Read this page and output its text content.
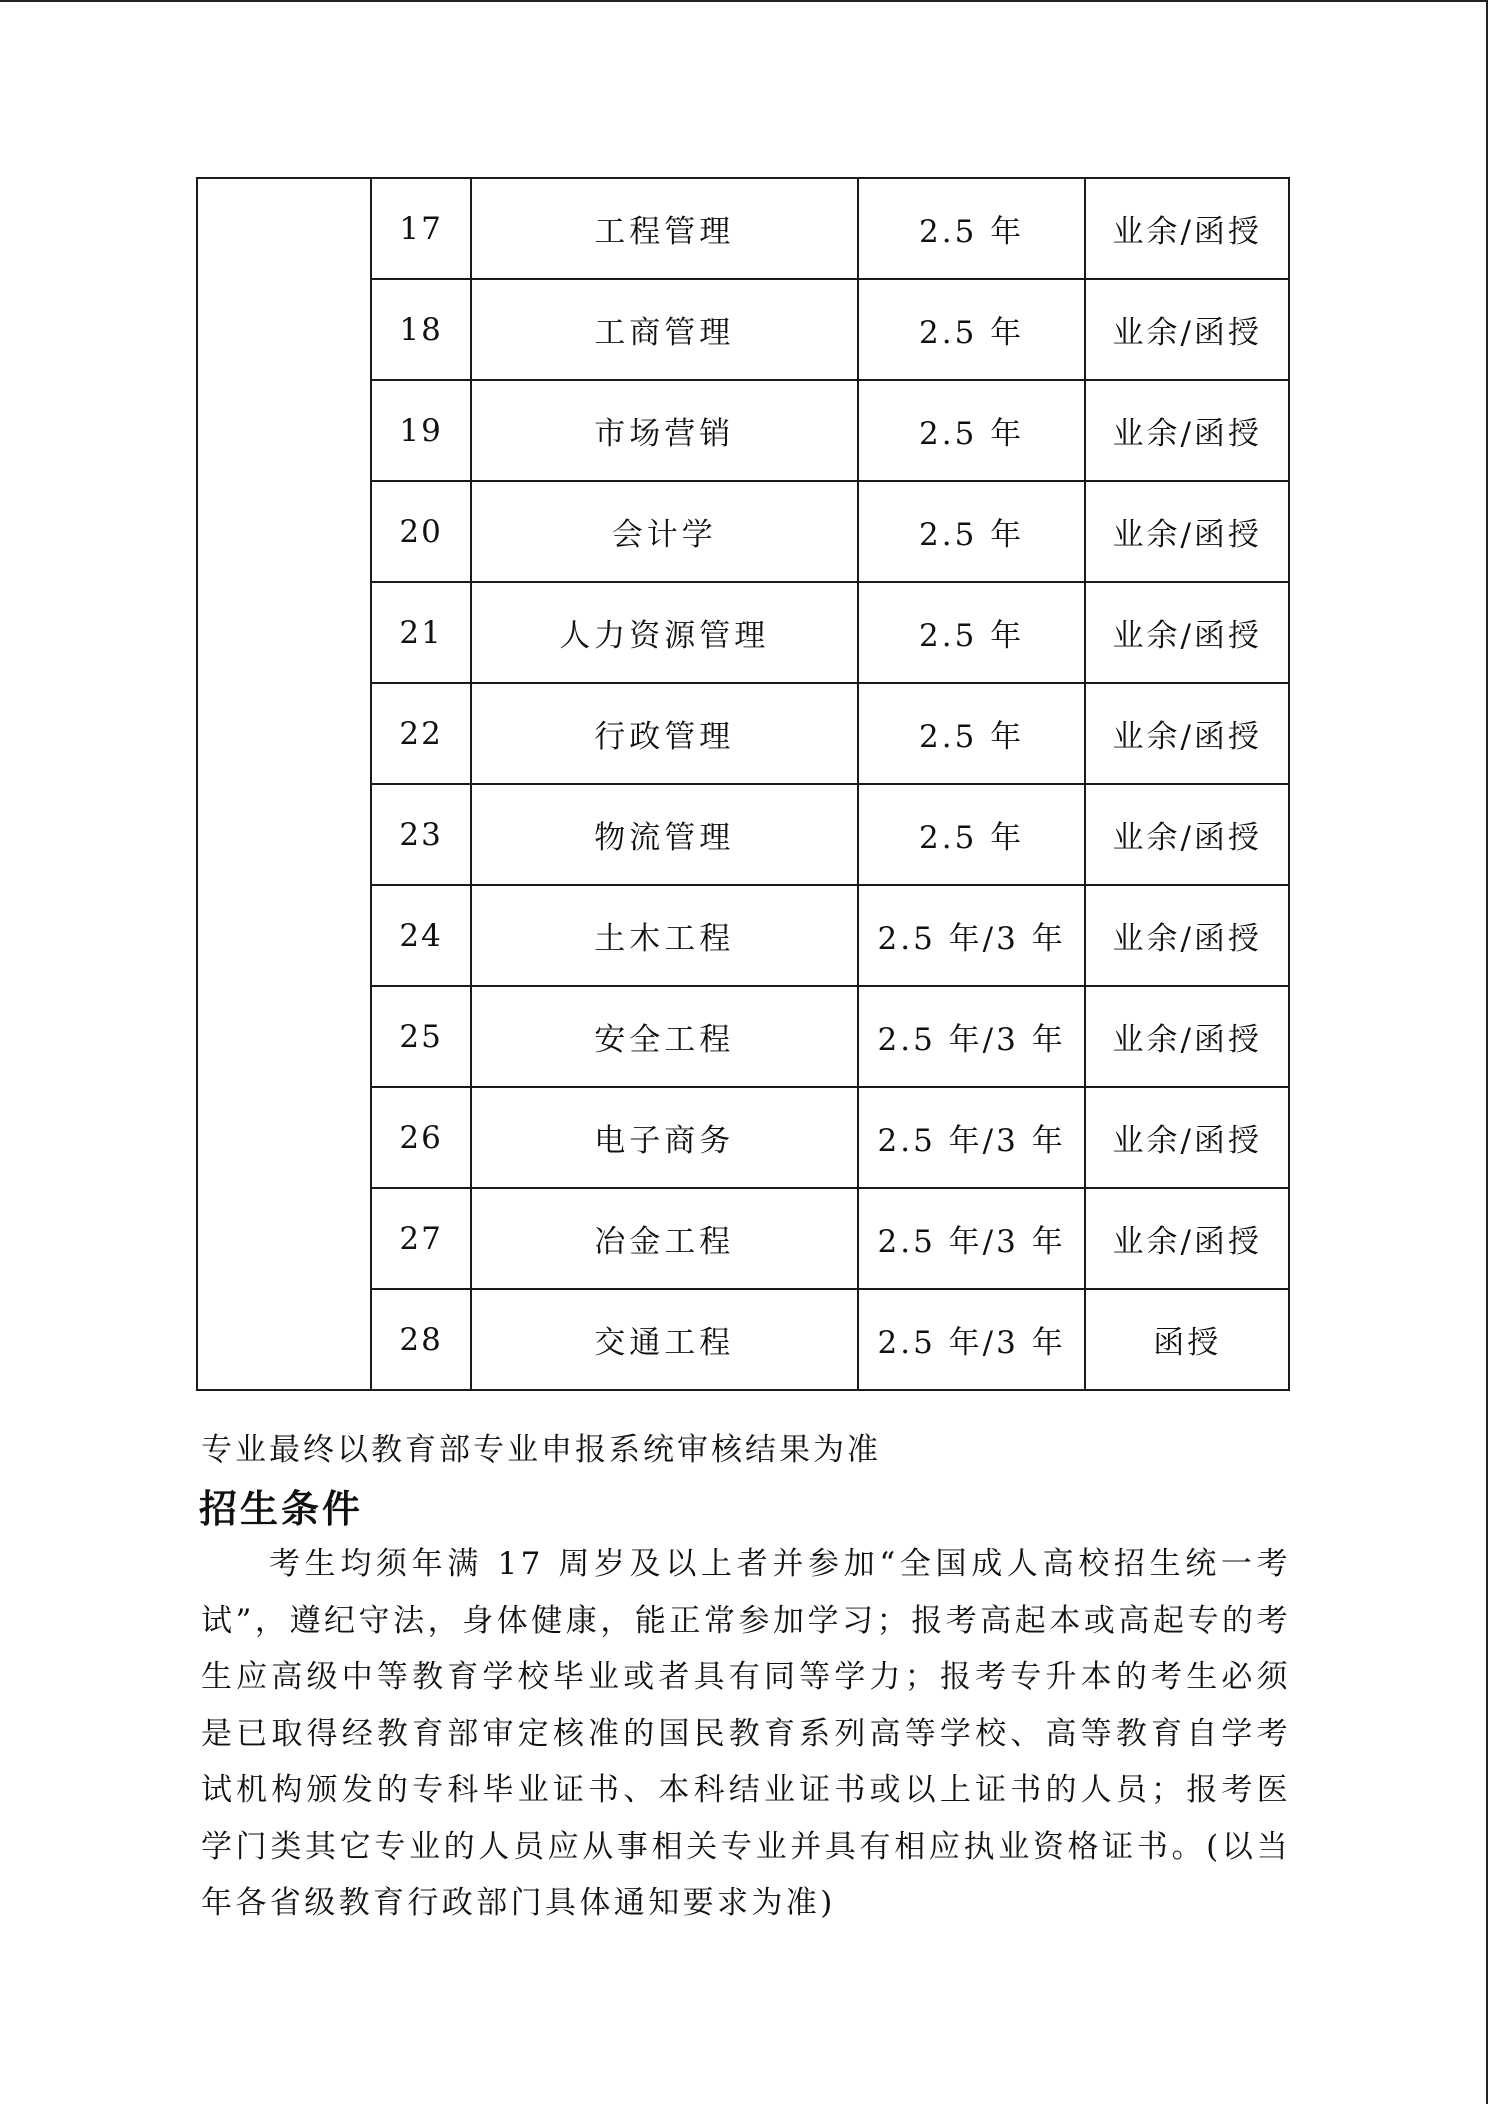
	17	工程管理	2.5 年	业余/函授
	18	工商管理	2.5 年	业余/函授
	19	市场营销	2.5 年	业余/函授
	20	会计学	2.5 年	业余/函授
	21	人力资源管理	2.5 年	业余/函授
	22	行政管理	2.5 年	业余/函授
	23	物流管理	2.5 年	业余/函授
	24	土木工程	2.5 年/3 年	业余/函授
	25	安全工程	2.5 年/3 年	业余/函授
	26	电子商务	2.5 年/3 年	业余/函授
	27	冶金工程	2.5 年/3 年	业余/函授
	28	交通工程	2.5 年/3 年	函授
专业最终以教育部专业申报系统审核结果为准
招生条件

考生均须年满 17 周岁及以上者并参加“全国成人高校招生统一考试”，遵纪守法，身体健康，能正常参加学习；报考高起本或高起专的考生应高级中等教育学校毕业或者具有同等学力；报考专升本的考生必须是已取得经教育部审定核准的国民教育系列高等学校、高等教育自学考试机构颁发的专科毕业证书、本科结业证书或以上证书的人员；报考医学门类其它专业的人员应从事相关专业并具有相应执业资格证书。(以当年各省级教育行政部门具体通知要求为准)
